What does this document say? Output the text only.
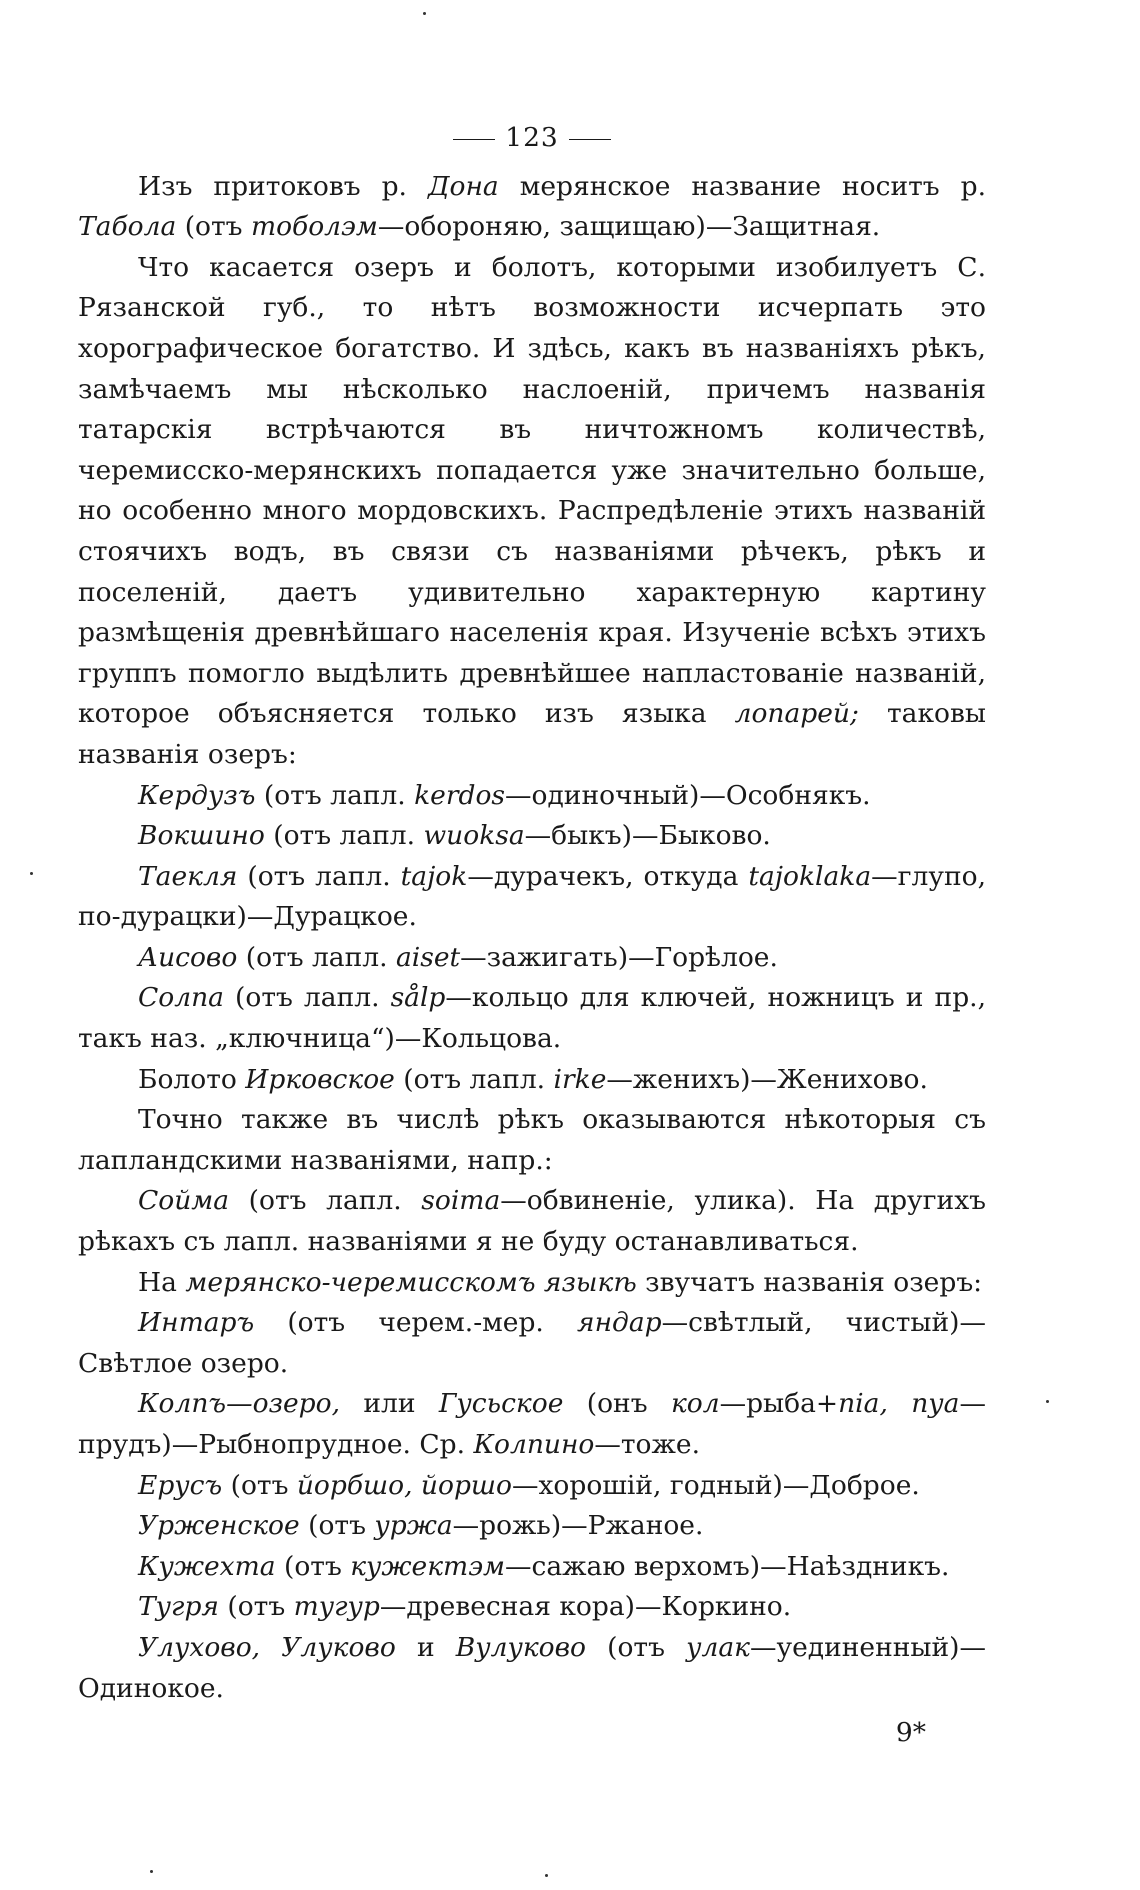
123

Изъ притоковъ р. Дона мерянское название носитъ р. Табола (отъ тоболэм—обороняю, защищаю)—Защитная.

Что касается озеръ и болотъ, которыми изобилуетъ С. Рязанской губ., то нѣтъ возможности исчерпать это хорографическое богатство. И здѣсь, какъ въ названіяхъ рѣкъ, замѣчаемъ мы нѣсколько наслоеній, причемъ названія татарскія встрѣчаются въ ничтожномъ количествѣ, черемисско-мерянскихъ попадается уже значительно больше, но особенно много мордовскихъ. Распредѣленіе этихъ названій стоячихъ водъ, въ связи съ названіями рѣчекъ, рѣкъ и поселеній, даетъ удивительно характерную картину размѣщенія древнѣйшаго населенія края. Изученіе всѣхъ этихъ группъ помогло выдѣлить древнѣйшее напластованіе названій, которое объясняется только изъ языка лопарей; таковы названія озеръ:

Кердузъ (отъ лапл. kerdos—одиночный)—Особнякъ.

Вокшино (отъ лапл. wuoksa—быкъ)—Быково.

Таекля (отъ лапл. tajok—дурачекъ, откуда tajoklaka—глупо, по-дурацки)—Дурацкое.

Аисово (отъ лапл. aiset—зажигать)—Горѣлое.

Солпа (отъ лапл. sålp—кольцо для ключей, ножницъ и пр., такъ наз. „ключница“)—Кольцова.

Болото Ирковское (отъ лапл. irke—женихъ)—Женихово.

Точно также въ числѣ рѣкъ оказываются нѣкоторыя съ лапландскими названіями, напр.:

Сойма (отъ лапл. soima—обвиненіе, улика). На другихъ рѣкахъ съ лапл. названіями я не буду останавливаться.

На мерянско-черемисскомъ языкѣ звучатъ названія озеръ:

Интаръ (отъ черем.-мер. яндар—свѣтлый, чистый)—Свѣтлое озеро.

Колпъ—озеро, или Гусьское (онъ кол—рыба+піа, пуа—прудъ)—Рыбнопрудное. Ср. Колпино—тоже.

Ерусъ (отъ йорбшо, йоршо—хорошій, годный)—Доброе.

Урженское (отъ уржа—рожь)—Ржаное.

Кужехта (отъ кужектэм—сажаю верхомъ)—Наѣздникъ.

Тугря (отъ тугур—древесная кора)—Коркино.

Улухово, Улуково и Вулуково (отъ улак—уединенный)—Одинокое.

9*
